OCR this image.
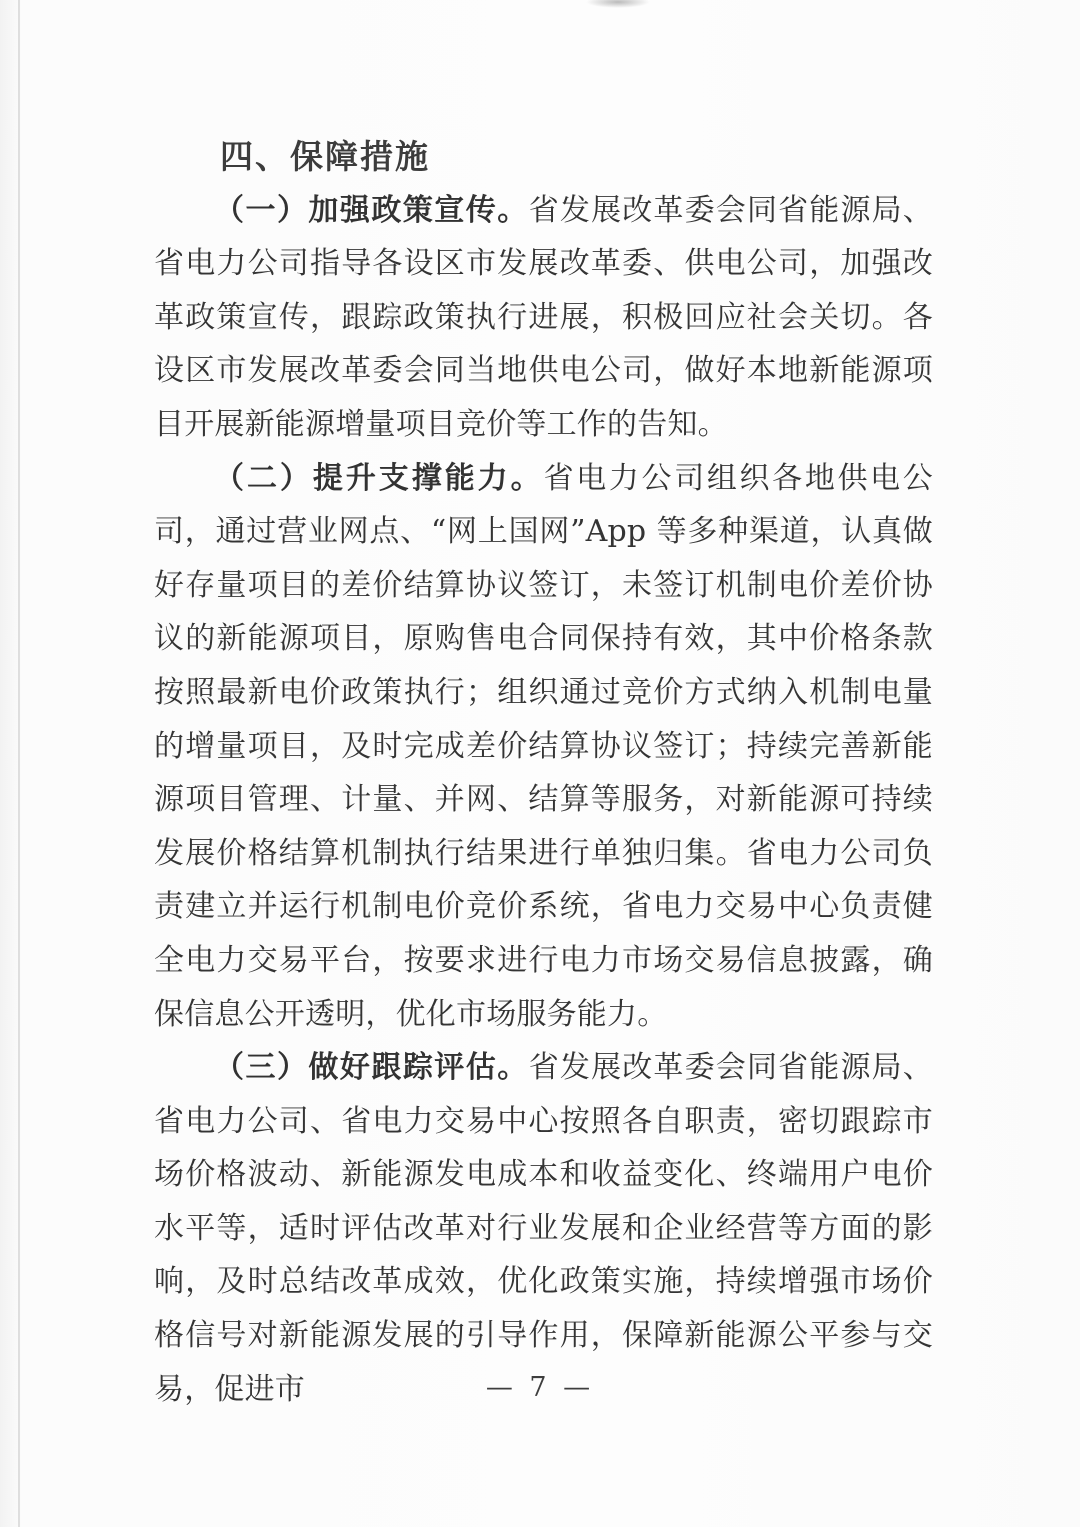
四、保障措施

（一）加强政策宣传。省发展改革委会同省能源局、省电力公司指导各设区市发展改革委、供电公司，加强改革政策宣传，跟踪政策执行进展，积极回应社会关切。各设区市发展改革委会同当地供电公司，做好本地新能源项目开展新能源增量项目竞价等工作的告知。

（二）提升支撑能力。省电力公司组织各地供电公司，通过营业网点、“网上国网”App 等多种渠道，认真做好存量项目的差价结算协议签订，未签订机制电价差价协议的新能源项目，原购售电合同保持有效，其中价格条款按照最新电价政策执行；组织通过竞价方式纳入机制电量的增量项目，及时完成差价结算协议签订；持续完善新能源项目管理、计量、并网、结算等服务，对新能源可持续发展价格结算机制执行结果进行单独归集。省电力公司负责建立并运行机制电价竞价系统，省电力交易中心负责健全电力交易平台，按要求进行电力市场交易信息披露，确保信息公开透明，优化市场服务能力。

（三）做好跟踪评估。省发展改革委会同省能源局、省电力公司、省电力交易中心按照各自职责，密切跟踪市场价格波动、新能源发电成本和收益变化、终端用户电价水平等，适时评估改革对行业发展和企业经营等方面的影响，及时总结改革成效，优化政策实施，持续增强市场价格信号对新能源发展的引导作用，保障新能源公平参与交易，促进市	— 7 —
